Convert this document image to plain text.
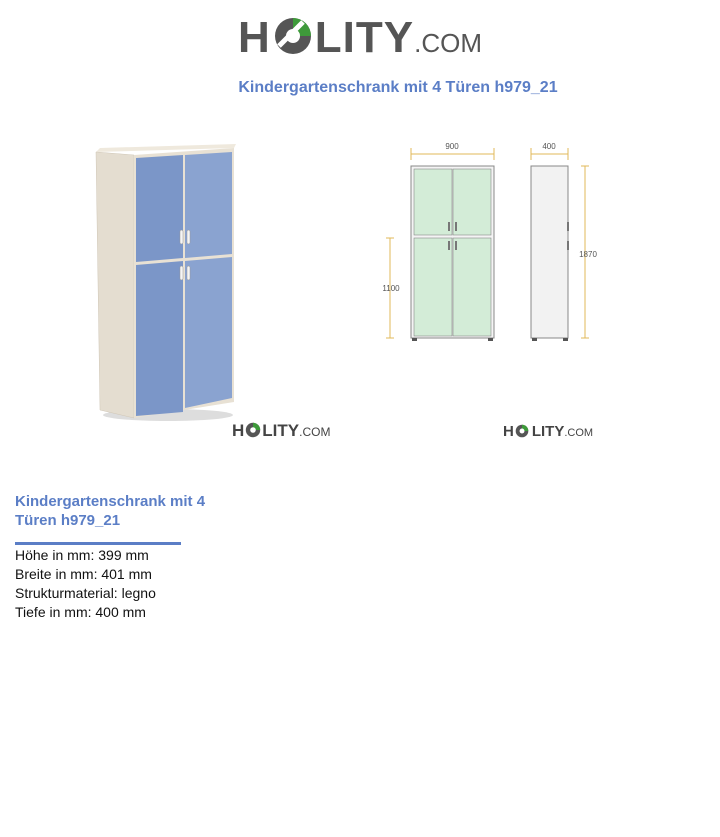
H LITY.COM
Kindergartenschrank mit 4 Türen h979_21
H LITY.COM
900	400
1100
1870
H LITY.COM
Kindergartenschrank mit 4 Türen h979_21
Höhe in mm: 399 mm
Breite in mm: 401 mm
Strukturmaterial: legno
Tiefe in mm: 400 mm
